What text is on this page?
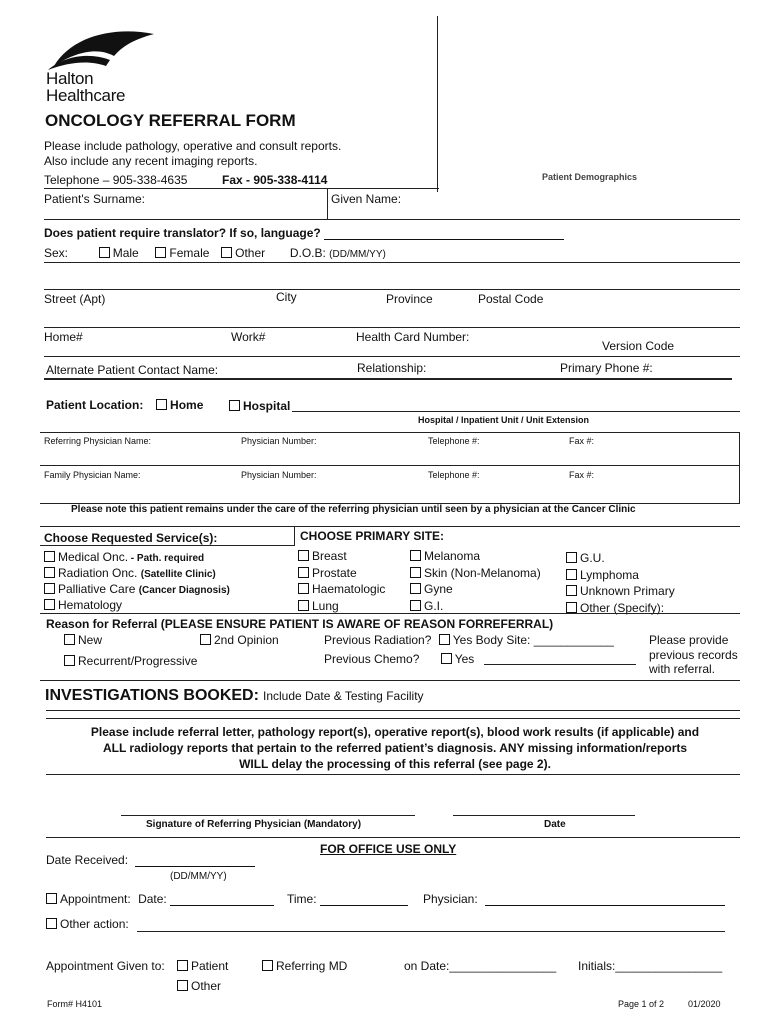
Halton
Healthcare
ONCOLOGY REFERRAL FORM
Please include pathology, operative and consult reports.
Also include any recent imaging reports.
Telephone – 905-338-4635	Fax - 905-338-4114	Patient Demographics
Patient's Surname:	Given Name:
Does patient require translator? If so, language?
Sex:	Male	Female Other D.O.B: (DD/MM/YY)
Street (Apt)	City	Province	Postal Code
Home#	Work#	Health Card Number:
Version Code
Alternate Patient Contact Name:	Relationship:	Primary Phone #:
Patient Location: Home	Hospital
Hospital / Inpatient Unit / Unit Extension
Referring Physician Name:	Physician Number:	Telephone #:	Fax #:
Family Physician Name:	Physician Number:	Telephone #:	Fax #:
Please note this patient remains under the care of the referring physician until seen by a physician at the Cancer Clinic
Choose Requested Service(s):	CHOOSE PRIMARY SITE:
Medical Onc. - Path. required
Radiation Onc. (Satellite Clinic)
Palliative Care (Cancer Diagnosis)
Hematology
Breast
Prostate
Haematologic
Lung
Melanoma
Skin (Non-Melanoma)
Gyne
G.I.
G.U.
Lymphoma
Unknown Primary
Other (Specify):
Reason for Referral (PLEASE ENSURE PATIENT IS AWARE OF REASON FORREFERRAL)
New	2nd Opinion
Recurrent/Progressive
Previous Radiation? Yes Body Site: ____________
Previous Chemo?	Yes
Please provide
previous records
with referral.
INVESTIGATIONS BOOKED: Include Date & Testing Facility
Please include referral letter, pathology report(s), operative report(s), blood work results (if applicable) and
ALL radiology reports that pertain to the referred patient’s diagnosis. ANY missing information/reports
WILL delay the processing of this referral (see page 2).
Signature of Referring Physician (Mandatory)	Date
FOR OFFICE USE ONLY
Date Received:
(DD/MM/YY)
Appointment: Date:	Time:	Physician:
Other action:
Appointment Given to:	Patient	Referring MD
Other
on Date:________________ Initials:________________
Form# H4101	Page 1 of 2	01/2020
